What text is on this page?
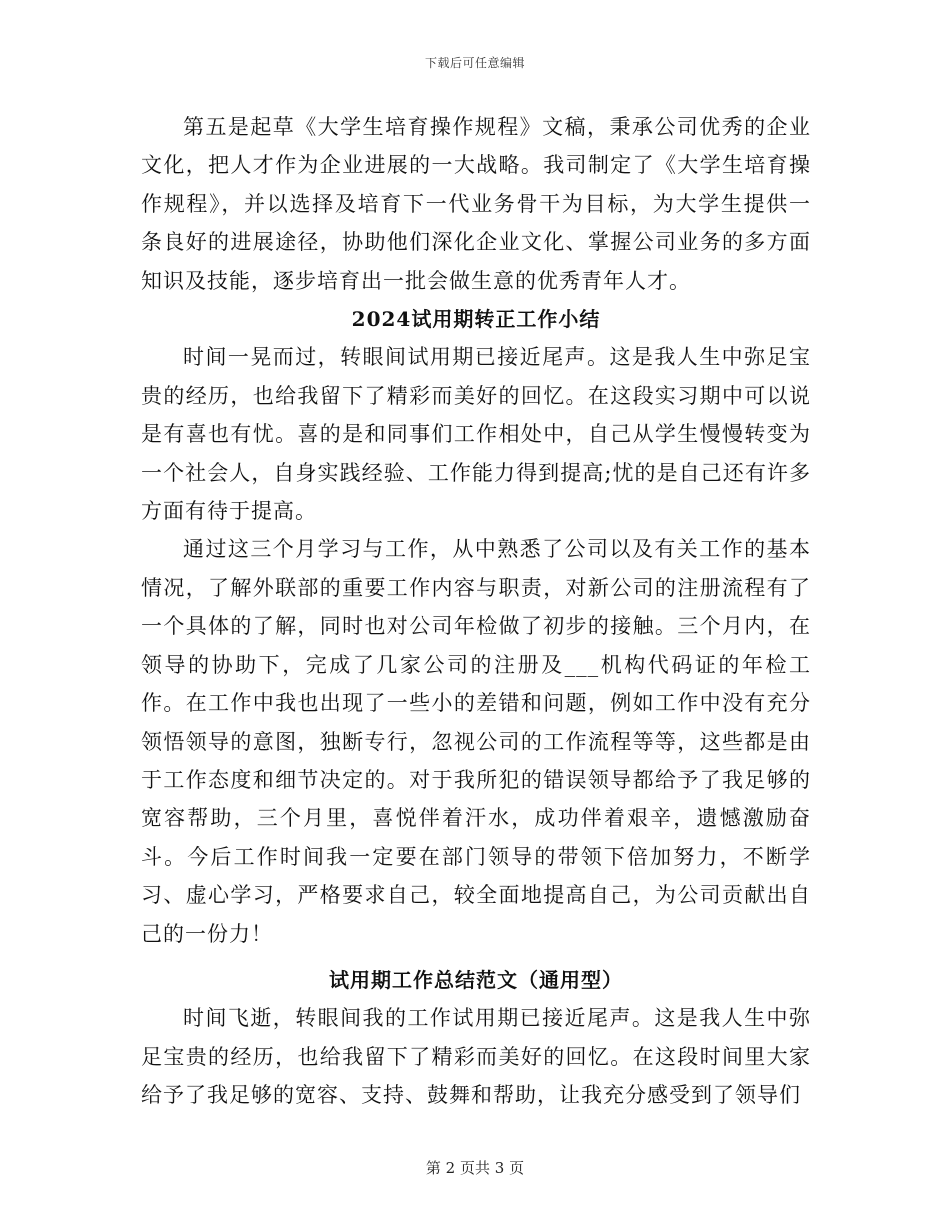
下载后可任意编辑

第五是起草《大学生培育操作规程》文稿，秉承公司优秀的企业文化，把人才作为企业进展的一大战略。我司制定了《大学生培育操作规程》，并以选择及培育下一代业务骨干为目标，为大学生提供一条良好的进展途径，协助他们深化企业文化、掌握公司业务的多方面知识及技能，逐步培育出一批会做生意的优秀青年人才。

2024试用期转正工作小结

时间一晃而过，转眼间试用期已接近尾声。这是我人生中弥足宝贵的经历，也给我留下了精彩而美好的回忆。在这段实习期中可以说是有喜也有忧。喜的是和同事们工作相处中，自己从学生慢慢转变为一个社会人，自身实践经验、工作能力得到提高;忧的是自己还有许多方面有待于提高。

通过这三个月学习与工作，从中熟悉了公司以及有关工作的基本情况，了解外联部的重要工作内容与职责，对新公司的注册流程有了一个具体的了解，同时也对公司年检做了初步的接触。三个月内，在领导的协助下，完成了几家公司的注册及___机构代码证的年检工作。在工作中我也出现了一些小的差错和问题，例如工作中没有充分领悟领导的意图，独断专行，忽视公司的工作流程等等，这些都是由于工作态度和细节决定的。对于我所犯的错误领导都给予了我足够的宽容帮助，三个月里，喜悦伴着汗水，成功伴着艰辛，遗憾激励奋斗。今后工作时间我一定要在部门领导的带领下倍加努力，不断学习、虚心学习，严格要求自己，较全面地提高自己，为公司贡献出自己的一份力！

试用期工作总结范文（通用型）

时间飞逝，转眼间我的工作试用期已接近尾声。这是我人生中弥足宝贵的经历，也给我留下了精彩而美好的回忆。在这段时间里大家给予了我足够的宽容、支持、鼓舞和帮助，让我充分感受到了领导们

第 2 页共 3 页
